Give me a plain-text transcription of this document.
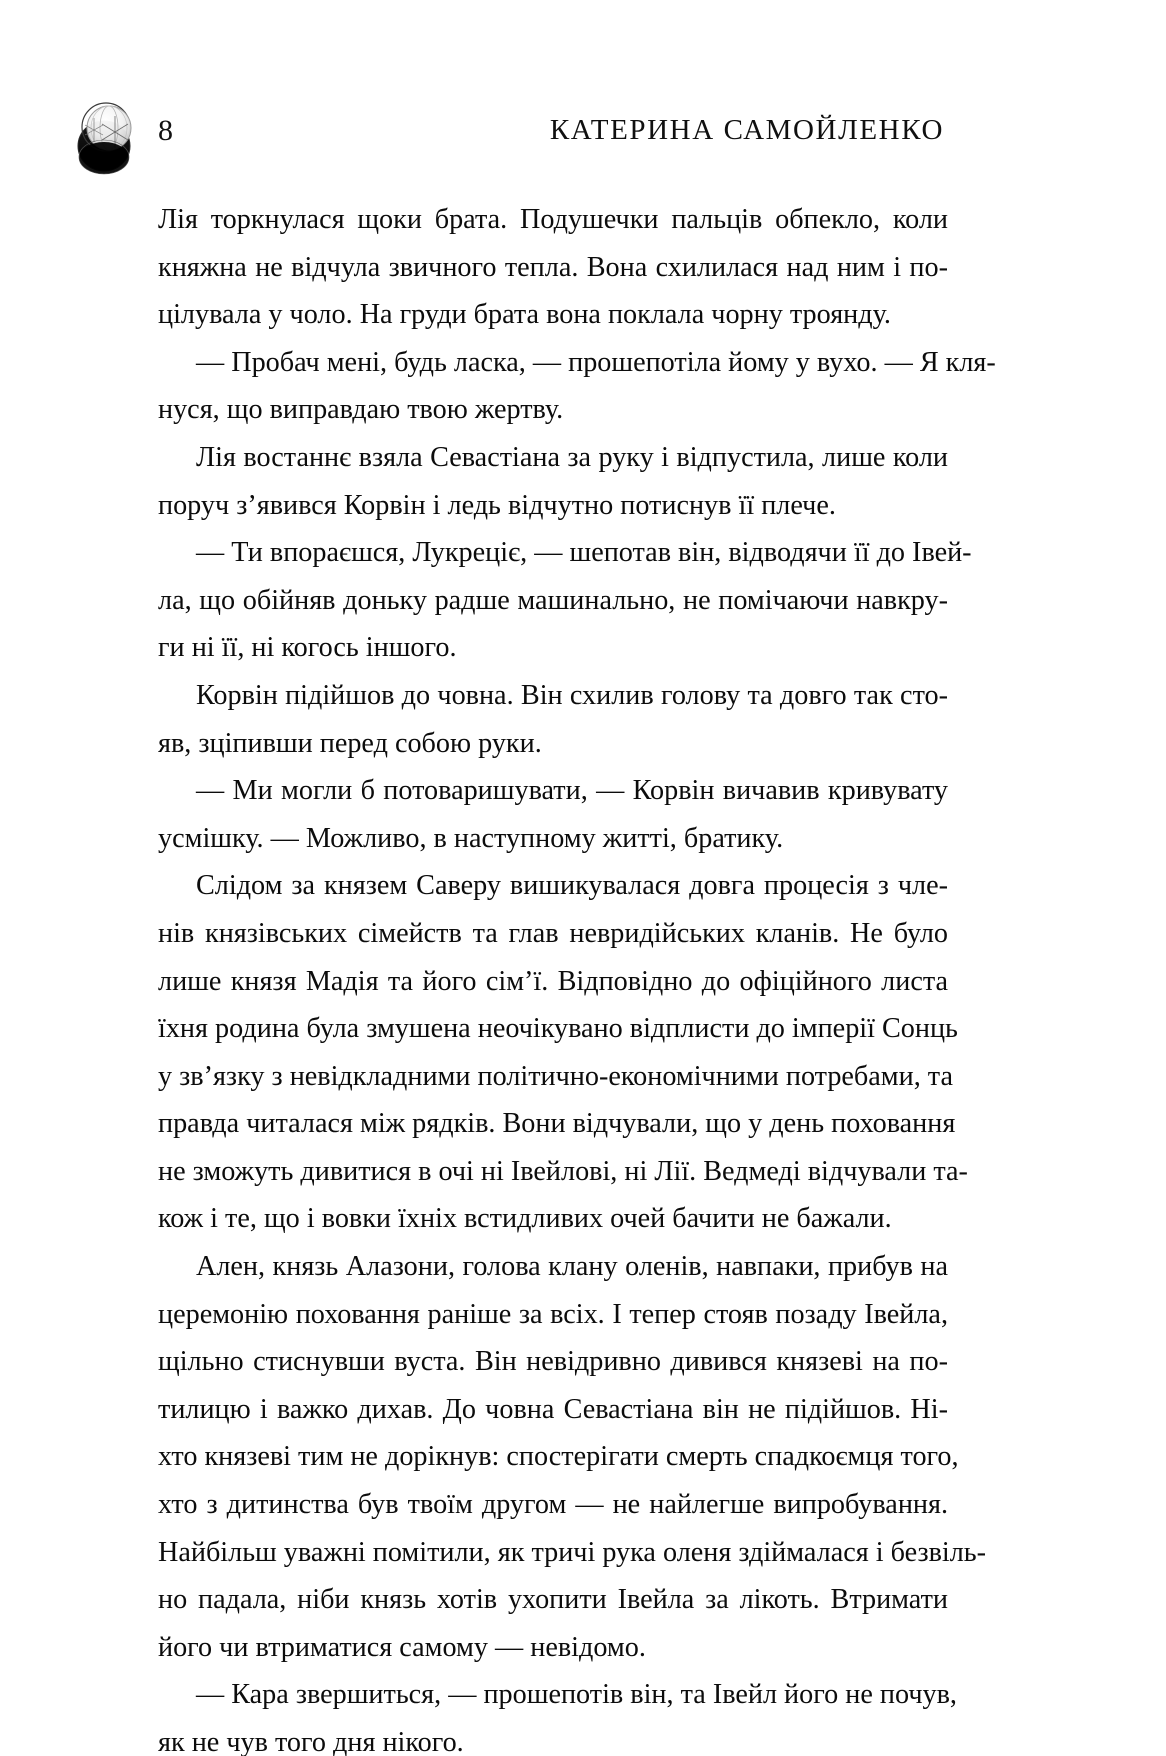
8	КАТЕРИНА САМОЙЛЕНКО

Лія торкнулася щоки брата. Подушечки пальців обпекло, коли
княжна не відчула звичного тепла. Вона схилилася над ним і по-
цілувала у чоло. На груди брата вона поклала чорну троянду.

— Пробач мені, будь ласка, — прошепотіла йому у вухо. — Я кля-
нуся, що виправдаю твою жертву.

Лія востаннє взяла Севастіана за руку і відпустила, лише коли
поруч з’явився Корвін і ледь відчутно потиснув її плече.

— Ти впораєшся, Лукреціє, — шепотав він, відводячи її до Івей-
ла, що обійняв доньку радше машинально, не помічаючи навкру-
ги ні її, ні когось іншого.

Корвін підійшов до човна. Він схилив голову та довго так сто-
яв, зціпивши перед собою руки.

— Ми могли б потоваришувати, — Корвін вичавив кривувату
усмішку. — Можливо, в наступному житті, братику.

Слідом за князем Саверу вишикувалася довга процесія з чле-
нів князівських сімейств та глав невридійських кланів. Не було
лише князя Мадія та його сім’ї. Відповідно до офіційного листа
їхня родина була змушена неочікувано відплисти до імперії Сонць
у зв’язку з невідкладними політично-економічними потребами, та
правда читалася між рядків. Вони відчували, що у день поховання
не зможуть дивитися в очі ні Івейлові, ні Лії. Ведмеді відчували та-
кож і те, що і вовки їхніх встидливих очей бачити не бажали.

Ален, князь Алазони, голова клану оленів, навпаки, прибув на
церемонію поховання раніше за всіх. І тепер стояв позаду Івейла,
щільно стиснувши вуста. Він невідривно дивився князеві на по-
тилицю і важко дихав. До човна Севастіана він не підійшов. Ні-
хто князеві тим не дорікнув: спостерігати смерть спадкоємця того,
хто з дитинства був твоїм другом — не найлегше випробування.
Найбільш уважні помітили, як тричі рука оленя здіймалася і безвіль-
но падала, ніби князь хотів ухопити Івейла за лікоть. Втримати
його чи втриматися самому — невідомо.

— Кара звершиться, — прошепотів він, та Івейл його не почув,
як не чув того дня нікого.
